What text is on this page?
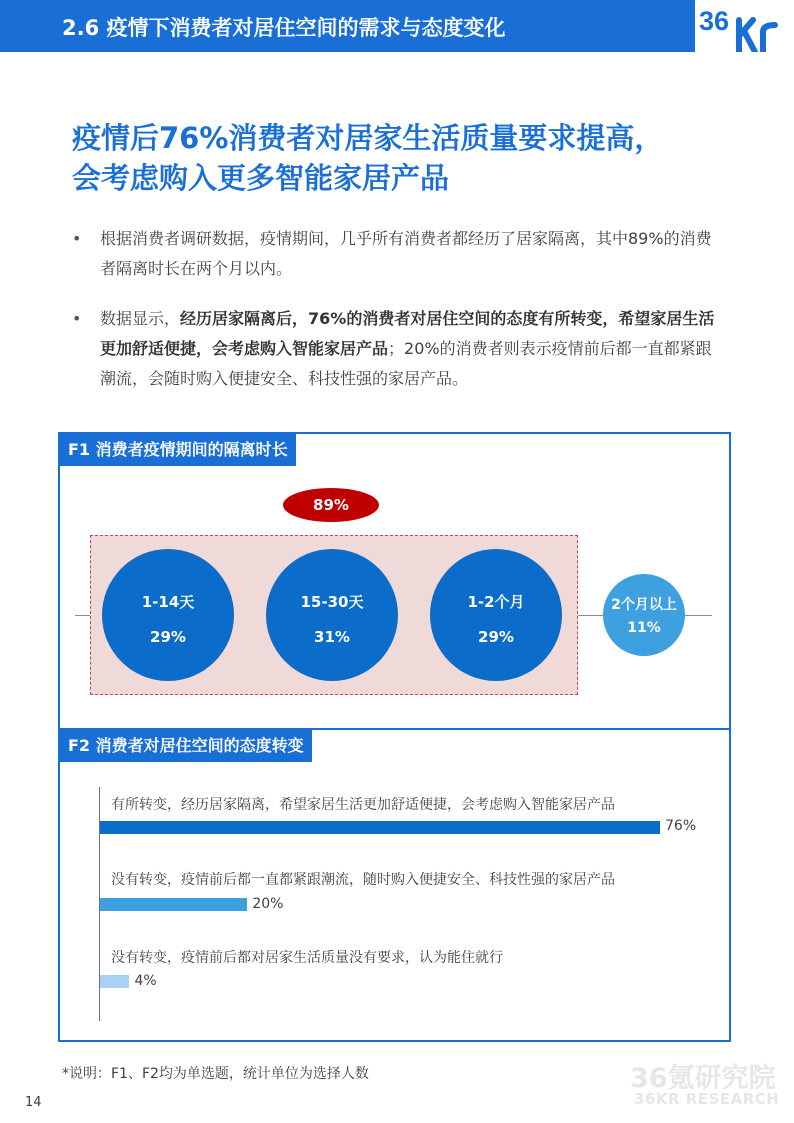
2.6 疫情下消费者对居住空间的需求与态度变化	36
疫情后76%消费者对居家生活质量要求提高，
会考虑购入更多智能家居产品
• 根据消费者调研数据，疫情期间，几乎所有消费者都经历了居家隔离，其中89%的消费者隔离时长在两个月以内。
• 数据显示，经历居家隔离后，76%的消费者对居住空间的态度有所转变，希望家居生活更加舒适便捷，会考虑购入智能家居产品；20%的消费者则表示疫情前后都一直都紧跟潮流，会随时购入便捷安全、科技性强的家居产品。
F1 消费者疫情期间的隔离时长
89%
1-14天
29%
15-30天
31%
1-2个月
29%
2个月以上
11%
F2 消费者对居住空间的态度转变
有所转变，经历居家隔离，希望家居生活更加舒适便捷，会考虑购入智能家居产品
76%
没有转变，疫情前后都一直都紧跟潮流，随时购入便捷安全、科技性强的家居产品
20%
没有转变，疫情前后都对居家生活质量没有要求，认为能住就行
4%
*说明：F1、F2均为单选题，统计单位为选择人数
14
36氪研究院
36KR RESEARCH
